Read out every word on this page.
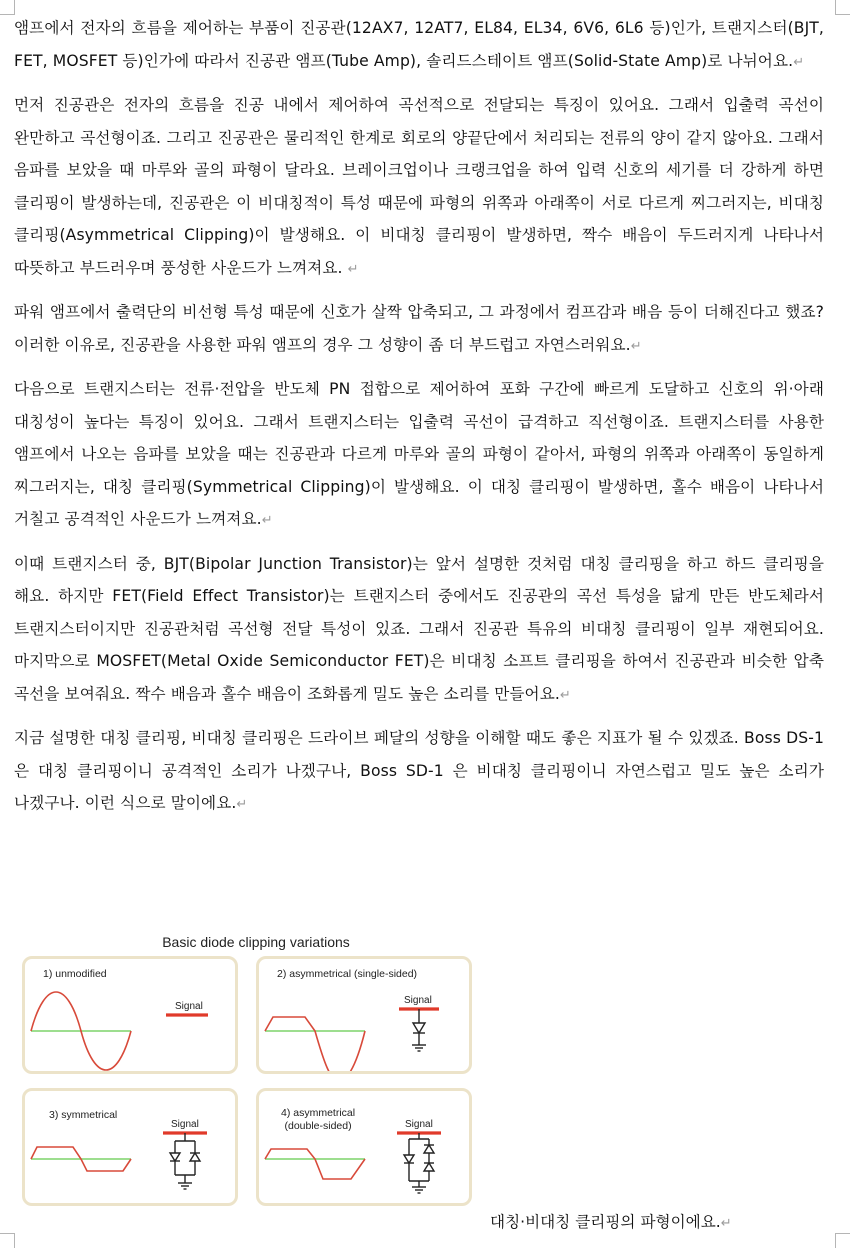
앰프에서 전자의 흐름을 제어하는 부품이 진공관(12AX7, 12AT7, EL84, EL34, 6V6, 6L6 등)인가, 트랜지스터(BJT, FET, MOSFET 등)인가에 따라서 진공관 앰프(Tube Amp), 솔리드스테이트 앰프(Solid-State Amp)로 나뉘어요.↵

먼저 진공관은 전자의 흐름을 진공 내에서 제어하여 곡선적으로 전달되는 특징이 있어요. 그래서 입출력 곡선이 완만하고 곡선형이죠. 그리고 진공관은 물리적인 한계로 회로의 양끝단에서 처리되는 전류의 양이 같지 않아요. 그래서 음파를 보았을 때 마루와 골의 파형이 달라요. 브레이크업이나 크랭크업을 하여 입력 신호의 세기를 더 강하게 하면 클리핑이 발생하는데, 진공관은 이 비대칭적이 특성 때문에 파형의 위쪽과 아래쪽이 서로 다르게 찌그러지는, 비대칭 클리핑(Asymmetrical Clipping)이 발생해요. 이 비대칭 클리핑이 발생하면, 짝수 배음이 두드러지게 나타나서 따뜻하고 부드러우며 풍성한 사운드가 느껴져요. ↵

파워 앰프에서 출력단의 비선형 특성 때문에 신호가 살짝 압축되고, 그 과정에서 컴프감과 배음 등이 더해진다고 했죠? 이러한 이유로, 진공관을 사용한 파워 앰프의 경우 그 성향이 좀 더 부드럽고 자연스러워요.↵

다음으로 트랜지스터는 전류·전압을 반도체 PN 접합으로 제어하여 포화 구간에 빠르게 도달하고 신호의 위·아래 대칭성이 높다는 특징이 있어요. 그래서 트랜지스터는 입출력 곡선이 급격하고 직선형이죠. 트랜지스터를 사용한 앰프에서 나오는 음파를 보았을 때는 진공관과 다르게 마루와 골의 파형이 같아서, 파형의 위쪽과 아래쪽이 동일하게 찌그러지는, 대칭 클리핑(Symmetrical Clipping)이 발생해요. 이 대칭 클리핑이 발생하면, 홀수 배음이 나타나서 거칠고 공격적인 사운드가 느껴져요.↵

이때 트랜지스터 중, BJT(Bipolar Junction Transistor)는 앞서 설명한 것처럼 대칭 클리핑을 하고 하드 클리핑을 해요. 하지만 FET(Field Effect Transistor)는 트랜지스터 중에서도 진공관의 곡선 특성을 닮게 만든 반도체라서 트랜지스터이지만 진공관처럼 곡선형 전달 특성이 있죠. 그래서 진공관 특유의 비대칭 클리핑이 일부 재현되어요. 마지막으로 MOSFET(Metal Oxide Semiconductor FET)은 비대칭 소프트 클리핑을 하여서 진공관과 비슷한 압축 곡선을 보여줘요. 짝수 배음과 홀수 배음이 조화롭게 밀도 높은 소리를 만들어요.↵

지금 설명한 대칭 클리핑, 비대칭 클리핑은 드라이브 페달의 성향을 이해할 때도 좋은 지표가 될 수 있겠죠. Boss DS-1 은 대칭 클리핑이니 공격적인 소리가 나겠구나, Boss SD-1 은 비대칭 클리핑이니 자연스럽고 밀도 높은 소리가 나겠구나. 이런 식으로 말이에요.↵

Basic diode clipping variations
1) unmodified
Signal
2) asymmetrical (single-sided)
Signal
3) symmetrical
Signal
4) asymmetrical
(double-sided)	Signal
대칭·비대칭 클리핑의 파형이에요.↵
